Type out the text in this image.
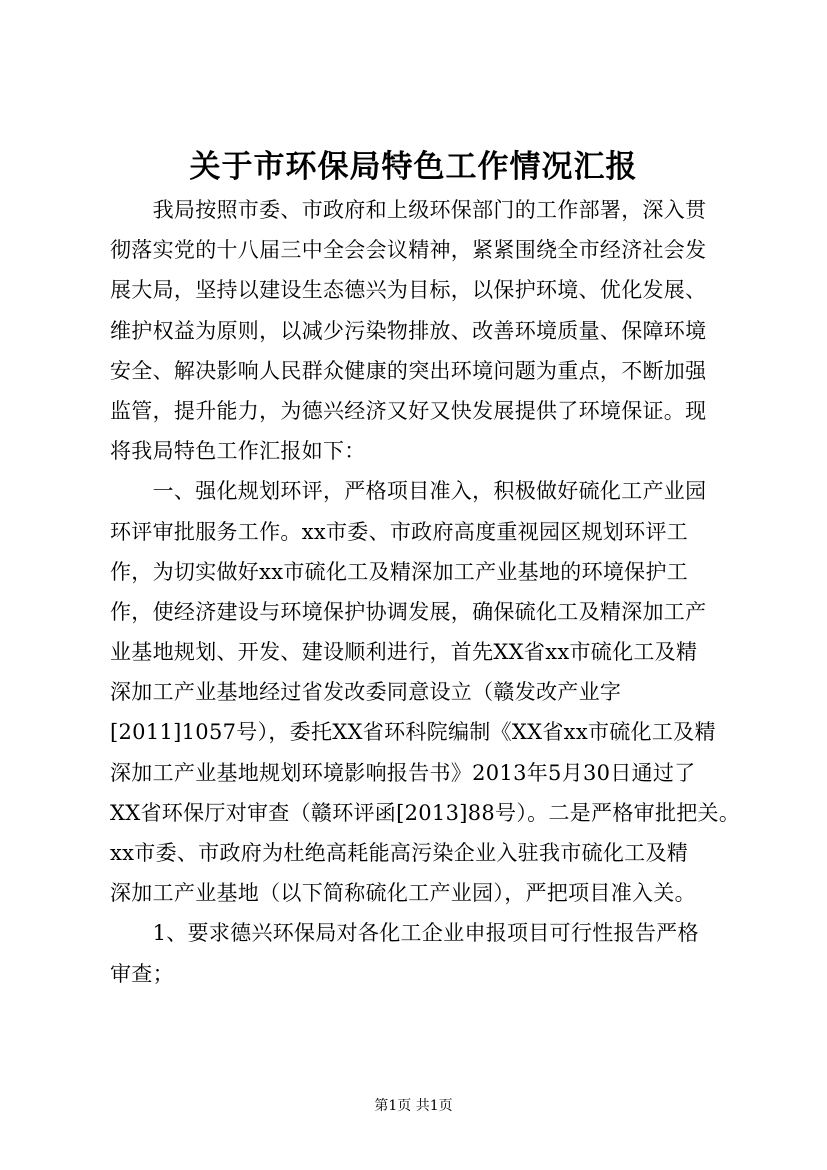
关于市环保局特色工作情况汇报
　　我局按照市委、市政府和上级环保部门的工作部署，深入贯
彻落实党的十八届三中全会会议精神，紧紧围绕全市经济社会发
展大局，坚持以建设生态德兴为目标，以保护环境、优化发展、
维护权益为原则，以减少污染物排放、改善环境质量、保障环境
安全、解决影响人民群众健康的突出环境问题为重点，不断加强
监管，提升能力，为德兴经济又好又快发展提供了环境保证。现
将我局特色工作汇报如下：
　　一、强化规划环评，严格项目准入，积极做好硫化工产业园
环评审批服务工作。xx市委、市政府高度重视园区规划环评工
作，为切实做好xx市硫化工及精深加工产业基地的环境保护工
作，使经济建设与环境保护协调发展，确保硫化工及精深加工产
业基地规划、开发、建设顺利进行，首先XX省xx市硫化工及精
深加工产业基地经过省发改委同意设立（赣发改产业字
[2011]1057号），委托XX省环科院编制《XX省xx市硫化工及精
深加工产业基地规划环境影响报告书》2013年5月30日通过了
XX省环保厅对审查（赣环评函[2013]88号）。二是严格审批把关。
xx市委、市政府为杜绝高耗能高污染企业入驻我市硫化工及精
深加工产业基地（以下简称硫化工产业园），严把项目准入关。
　　1、要求德兴环保局对各化工企业申报项目可行性报告严格
审查；
第1页 共1页
